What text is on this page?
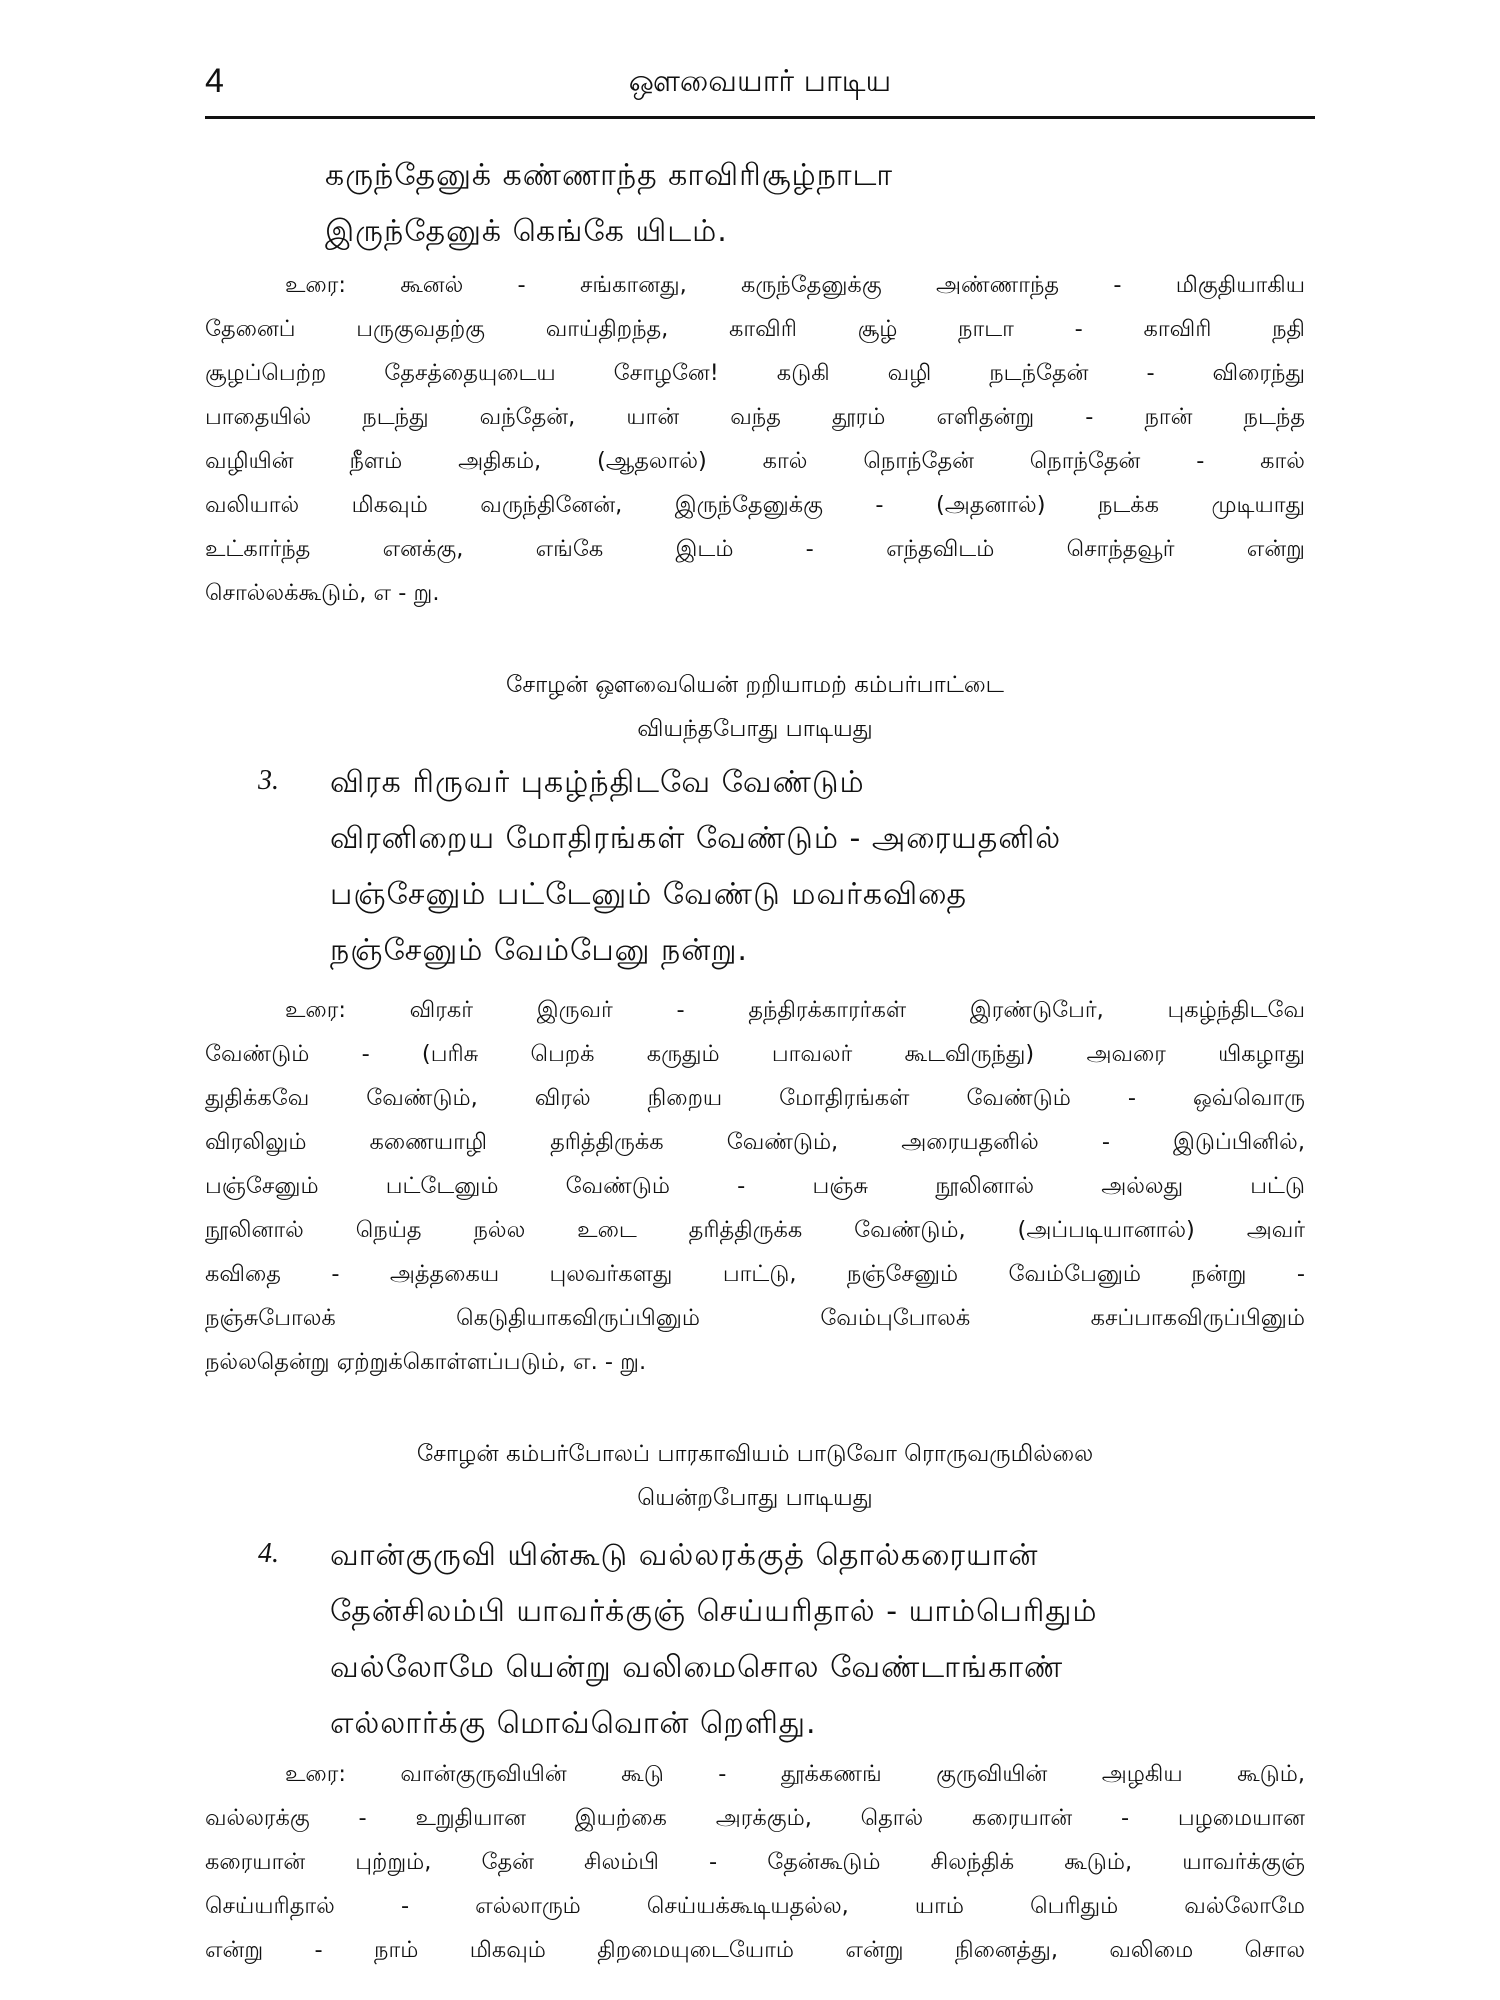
4	ஔவையார் பாடிய
கருந்தேனுக் கண்ணாந்த காவிரிசூழ்நாடா
இருந்தேனுக் கெங்கே யிடம்.
உரை: கூனல் - சங்கானது, கருந்தேனுக்கு அண்ணாந்த - மிகுதியாகிய
தேனைப் பருகுவதற்கு வாய்திறந்த, காவிரி சூழ் நாடா - காவிரி நதி
சூழப்பெற்ற தேசத்தையுடைய சோழனே! கடுகி வழி நடந்தேன் - விரைந்து
பாதையில் நடந்து வந்தேன், யான் வந்த தூரம் எளிதன்று - நான் நடந்த
வழியின் நீளம் அதிகம், (ஆதலால்) கால் நொந்தேன் நொந்தேன் - கால்
வலியால் மிகவும் வருந்தினேன், இருந்தேனுக்கு - (அதனால்) நடக்க முடியாது
உட்கார்ந்த எனக்கு, எங்கே இடம் - எந்தவிடம் சொந்தவூர் என்று
சொல்லக்கூடும், எ - று.
சோழன் ஔவையென் றறியாமற் கம்பர்பாட்டை
வியந்தபோது பாடியது
3. விரக ரிருவர் புகழ்ந்திடவே வேண்டும்
விரனிறைய மோதிரங்கள் வேண்டும் - அரையதனில்
பஞ்சேனும் பட்டேனும் வேண்டு மவர்கவிதை
நஞ்சேனும் வேம்பேனு நன்று.
உரை: விரகர் இருவர் - தந்திரக்காரர்கள் இரண்டுபேர், புகழ்ந்திடவே
வேண்டும் - (பரிசு பெறக் கருதும் பாவலர் கூடவிருந்து) அவரை யிகழாது
துதிக்கவே வேண்டும், விரல் நிறைய மோதிரங்கள் வேண்டும் - ஒவ்வொரு
விரலிலும் கணையாழி தரித்திருக்க வேண்டும், அரையதனில் - இடுப்பினில்,
பஞ்சேனும் பட்டேனும் வேண்டும் - பஞ்சு நூலினால் அல்லது பட்டு
நூலினால் நெய்த நல்ல உடை தரித்திருக்க வேண்டும், (அப்படியானால்) அவர்
கவிதை - அத்தகைய புலவர்களது பாட்டு, நஞ்சேனும் வேம்பேனும் நன்று -
நஞ்சுபோலக் கெடுதியாகவிருப்பினும் வேம்புபோலக் கசப்பாகவிருப்பினும்
நல்லதென்று ஏற்றுக்கொள்ளப்படும், எ. - று.
சோழன் கம்பர்போலப் பாரகாவியம் பாடுவோ ரொருவருமில்லை
யென்றபோது பாடியது
4. வான்குருவி யின்கூடு வல்லரக்குத் தொல்கரையான்
தேன்சிலம்பி யாவர்க்குஞ் செய்யரிதால் - யாம்பெரிதும்
வல்லோமே யென்று வலிமைசொல வேண்டாங்காண்
எல்லார்க்கு மொவ்வொன் றெளிது.
உரை: வான்குருவியின் கூடு - தூக்கணங் குருவியின் அழகிய கூடும்,
வல்லரக்கு - உறுதியான இயற்கை அரக்கும், தொல் கரையான் - பழமையான
கரையான் புற்றும், தேன் சிலம்பி - தேன்கூடும் சிலந்திக் கூடும், யாவர்க்குஞ்
செய்யரிதால் - எல்லாரும் செய்யக்கூடியதல்ல, யாம் பெரிதும் வல்லோமே
என்று - நாம் மிகவும் திறமையுடையோம் என்று நினைத்து, வலிமை சொல
